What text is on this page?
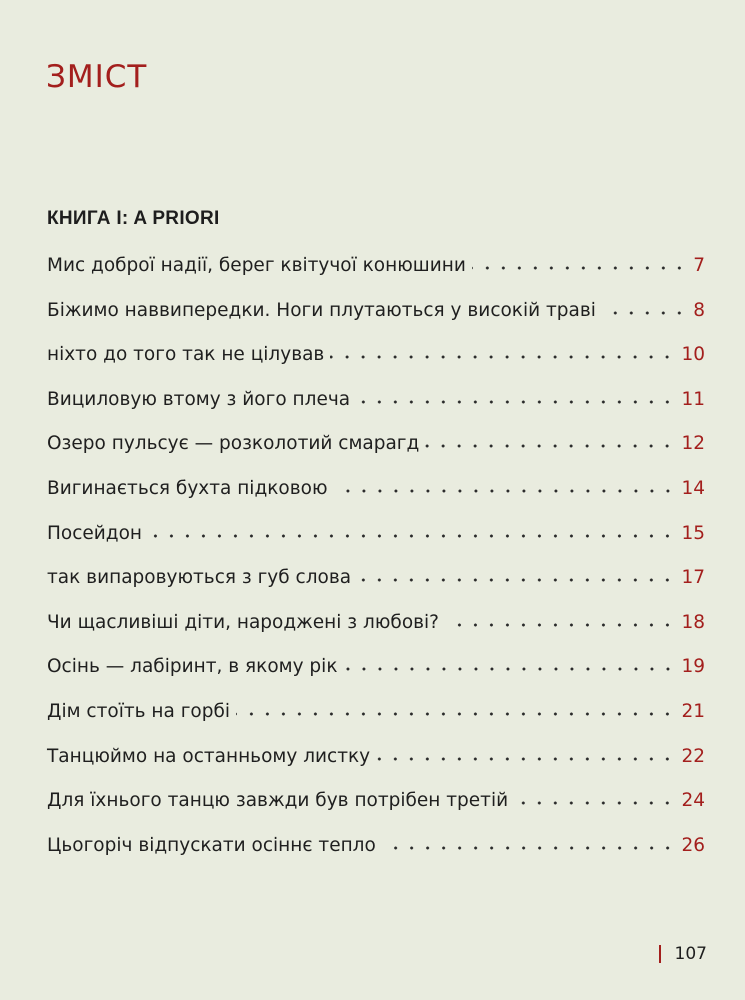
ЗМІСТ
КНИГА I: A PRIORI
Мис доброї надії, берег квітучої конюшини	7
Біжимо наввипередки. Ноги плутаються у високій траві	8
ніхто до того так не цілував	10
Вициловую втому з його плеча	11
Озеро пульсує — розколотий смарагд	12
Вигинається бухта підковою	14
Посейдон	15
так випаровуються з губ слова	17
Чи щасливіші діти, народжені з любові?	18
Осінь — лабіринт, в якому рік	19
Дім стоїть на горбі	21
Танцюймо на останньому листку	22
Для їхнього танцю завжди був потрібен третій	24
Цьогоріч відпускати осіннє тепло	26
107
